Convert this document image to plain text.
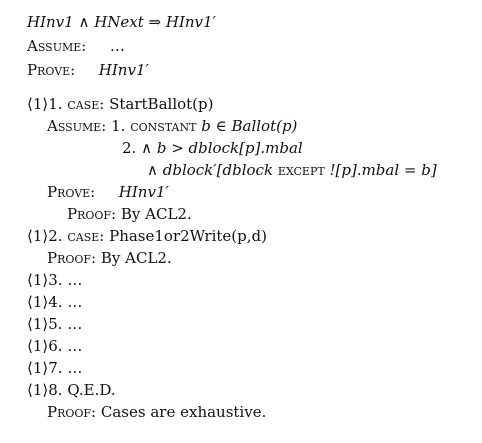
HInv1 ∧ HNext ⇒ HInv1′
Assume: …
Prove: HInv1′
⟨1⟩1. case: StartBallot(p)
Assume: 1. constant b ∈ Ballot(p)
2. ∧ b > dblock[p].mbal
∧ dblock′[dblock except ![p].mbal = b]
Prove: HInv1′
Proof: By ACL2.
⟨1⟩2. case: Phase1or2Write(p,d)
Proof: By ACL2.
⟨1⟩3. …
⟨1⟩4. …
⟨1⟩5. …
⟨1⟩6. …
⟨1⟩7. …
⟨1⟩8. Q.E.D.
Proof: Cases are exhaustive.
